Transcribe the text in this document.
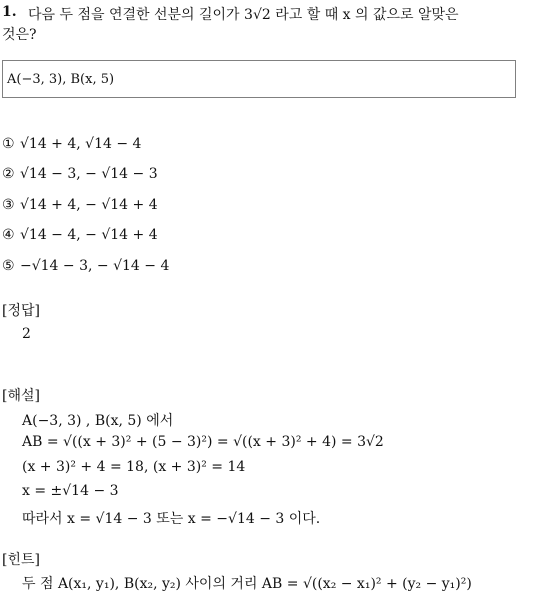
1. 다음 두 점을 연결한 선분의 길이가 3√2 라고 할 때 x 의 값으로 알맞은
것은?
A(−3, 3), B(x, 5)
① √14 + 4, √14 − 4
② √14 − 3, − √14 − 3
③ √14 + 4, − √14 + 4
④ √14 − 4, − √14 + 4
⑤ −√14 − 3, − √14 − 4
[정답]
2
[해설]
A(−3, 3) , B(x, 5) 에서
AB = √((x + 3)² + (5 − 3)²) = √((x + 3)² + 4) = 3√2
(x + 3)² + 4 = 18, (x + 3)² = 14
x = ±√14 − 3
따라서 x = √14 − 3 또는 x = −√14 − 3 이다.
[힌트]
두 점 A(x₁, y₁), B(x₂, y₂) 사이의 거리 AB = √((x₂ − x₁)² + (y₂ − y₁)²)
